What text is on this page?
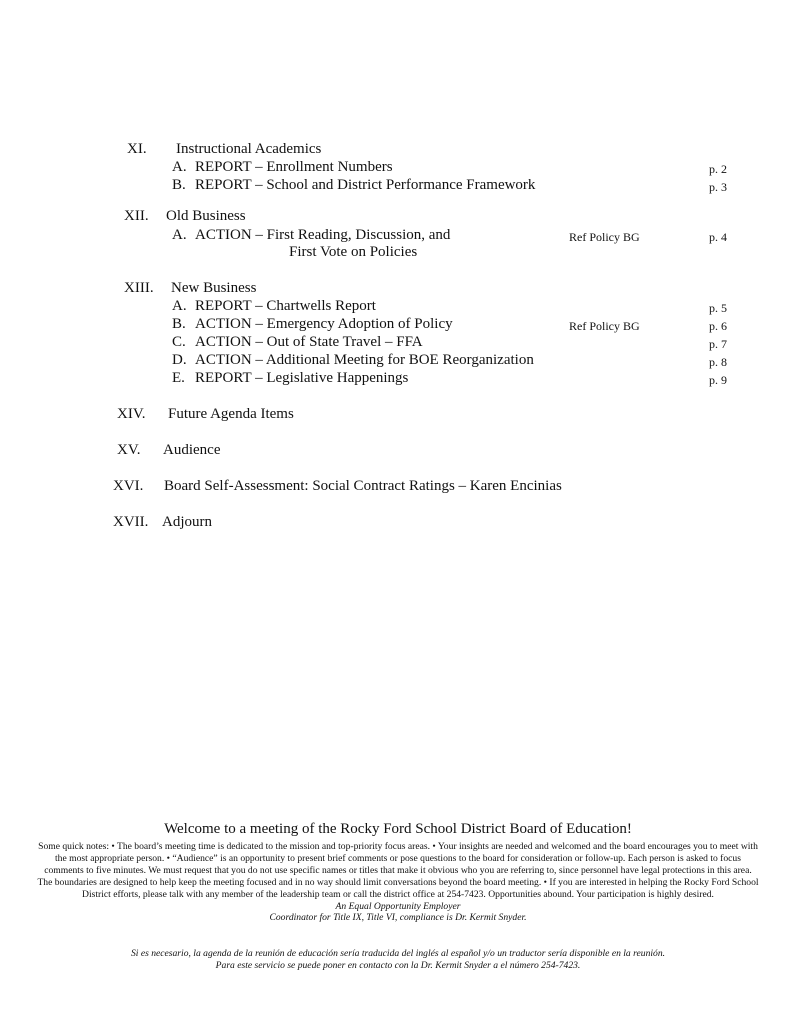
XI. Instructional Academics
A. REPORT – Enrollment Numbers	p. 2
B. REPORT – School and District Performance Framework	p. 3
XII. Old Business
A. ACTION – First Reading, Discussion, and	Ref Policy BG	p. 4
First Vote on Policies
XIII. New Business
A. REPORT – Chartwells Report	p. 5
B. ACTION – Emergency Adoption of Policy	Ref Policy BG	p. 6
C. ACTION – Out of State Travel – FFA	p. 7
D. ACTION – Additional Meeting for BOE Reorganization	p. 8
E. REPORT – Legislative Happenings	p. 9
XIV. Future Agenda Items
XV. Audience
XVI. Board Self-Assessment: Social Contract Ratings – Karen Encinias
XVII. Adjourn
Welcome to a meeting of the Rocky Ford School District Board of Education!
Some quick notes: • The board’s meeting time is dedicated to the mission and top-priority focus areas. • Your insights are needed and welcomed and the board encourages you to meet with the most appropriate person. • “Audience” is an opportunity to present brief comments or pose questions to the board for consideration or follow-up. Each person is asked to focus comments to five minutes. We must request that you do not use specific names or titles that make it obvious who you are referring to, since personnel have legal protections in this area. The boundaries are designed to help keep the meeting focused and in no way should limit conversations beyond the board meeting. • If you are interested in helping the Rocky Ford School District efforts, please talk with any member of the leadership team or call the district office at 254-7423. Opportunities abound. Your participation is highly desired.
An Equal Opportunity Employer
Coordinator for Title IX, Title VI, compliance is Dr. Kermit Snyder.
Si es necesario, la agenda de la reunión de educación sería traducida del inglés al español y/o un traductor sería disponible en la reunión.
Para este servicio se puede poner en contacto con la Dr. Kermit Snyder a el número 254-7423.
